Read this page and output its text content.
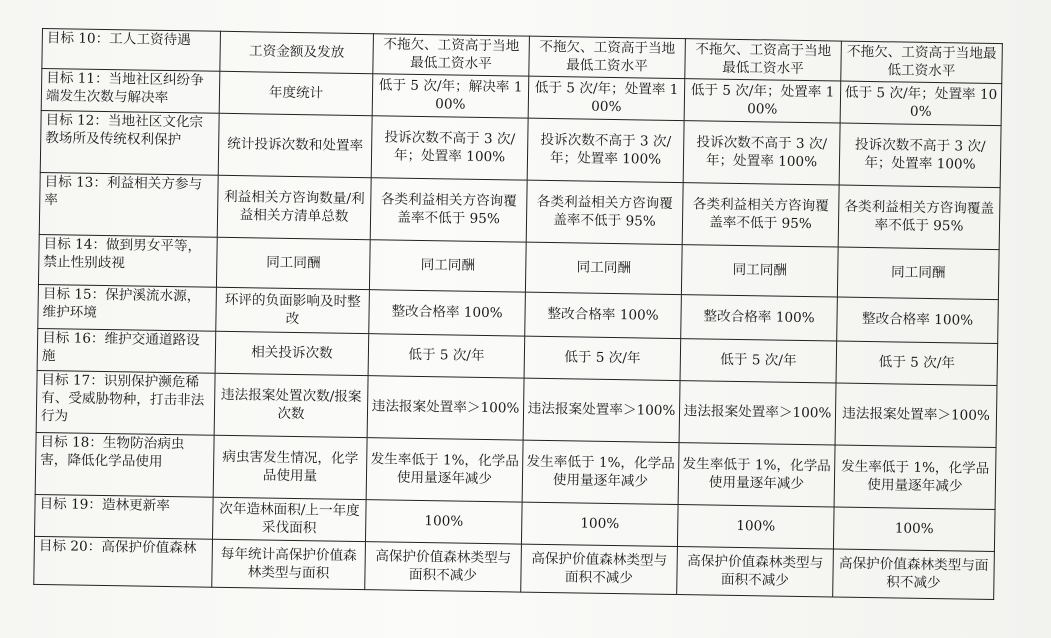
目标 10：工人工资待遇	工资金额及发放	不拖欠、工资高于当地最低工资水平	不拖欠、工资高于当地最低工资水平	不拖欠、工资高于当地最低工资水平	不拖欠、工资高于当地最低工资水平
目标 11：当地社区纠纷争端发生次数与解决率	年度统计	低于 5 次/年；解决率 100%	低于 5 次/年；处置率 100%	低于 5 次/年；处置率 100%	低于 5 次/年；处置率 100%
目标 12：当地社区文化宗教场所及传统权利保护	统计投诉次数和处置率	投诉次数不高于 3 次/年；处置率 100%	投诉次数不高于 3 次/年；处置率 100%	投诉次数不高于 3 次/年；处置率 100%	投诉次数不高于 3 次/年；处置率 100%
目标 13：利益相关方参与率	利益相关方咨询数量/利益相关方清单总数	各类利益相关方咨询覆盖率不低于 95%	各类利益相关方咨询覆盖率不低于 95%	各类利益相关方咨询覆盖率不低于 95%	各类利益相关方咨询覆盖率不低于 95%
目标 14：做到男女平等，禁止性别歧视	同工同酬	同工同酬	同工同酬	同工同酬	同工同酬
目标 15：保护溪流水源，维护环境	环评的负面影响及时整改	整改合格率 100%	整改合格率 100%	整改合格率 100%	整改合格率 100%
目标 16：维护交通道路设施	相关投诉次数	低于 5 次/年	低于 5 次/年	低于 5 次/年	低于 5 次/年
目标 17：识别保护濒危稀有、受威胁物种，打击非法行为	违法报案处置次数/报案次数	违法报案处置率＞100%	违法报案处置率＞100%	违法报案处置率＞100%	违法报案处置率＞100%
目标 18：生物防治病虫害，降低化学品使用	病虫害发生情况，化学品使用量	发生率低于 1%，化学品使用量逐年减少	发生率低于 1%，化学品使用量逐年减少	发生率低于 1%，化学品使用量逐年减少	发生率低于 1%，化学品使用量逐年减少
目标 19：造林更新率	次年造林面积/上一年度采伐面积	100%	100%	100%	100%
目标 20：高保护价值森林	每年统计高保护价值森林类型与面积	高保护价值森林类型与面积不减少	高保护价值森林类型与面积不减少	高保护价值森林类型与面积不减少	高保护价值森林类型与面积不减少
